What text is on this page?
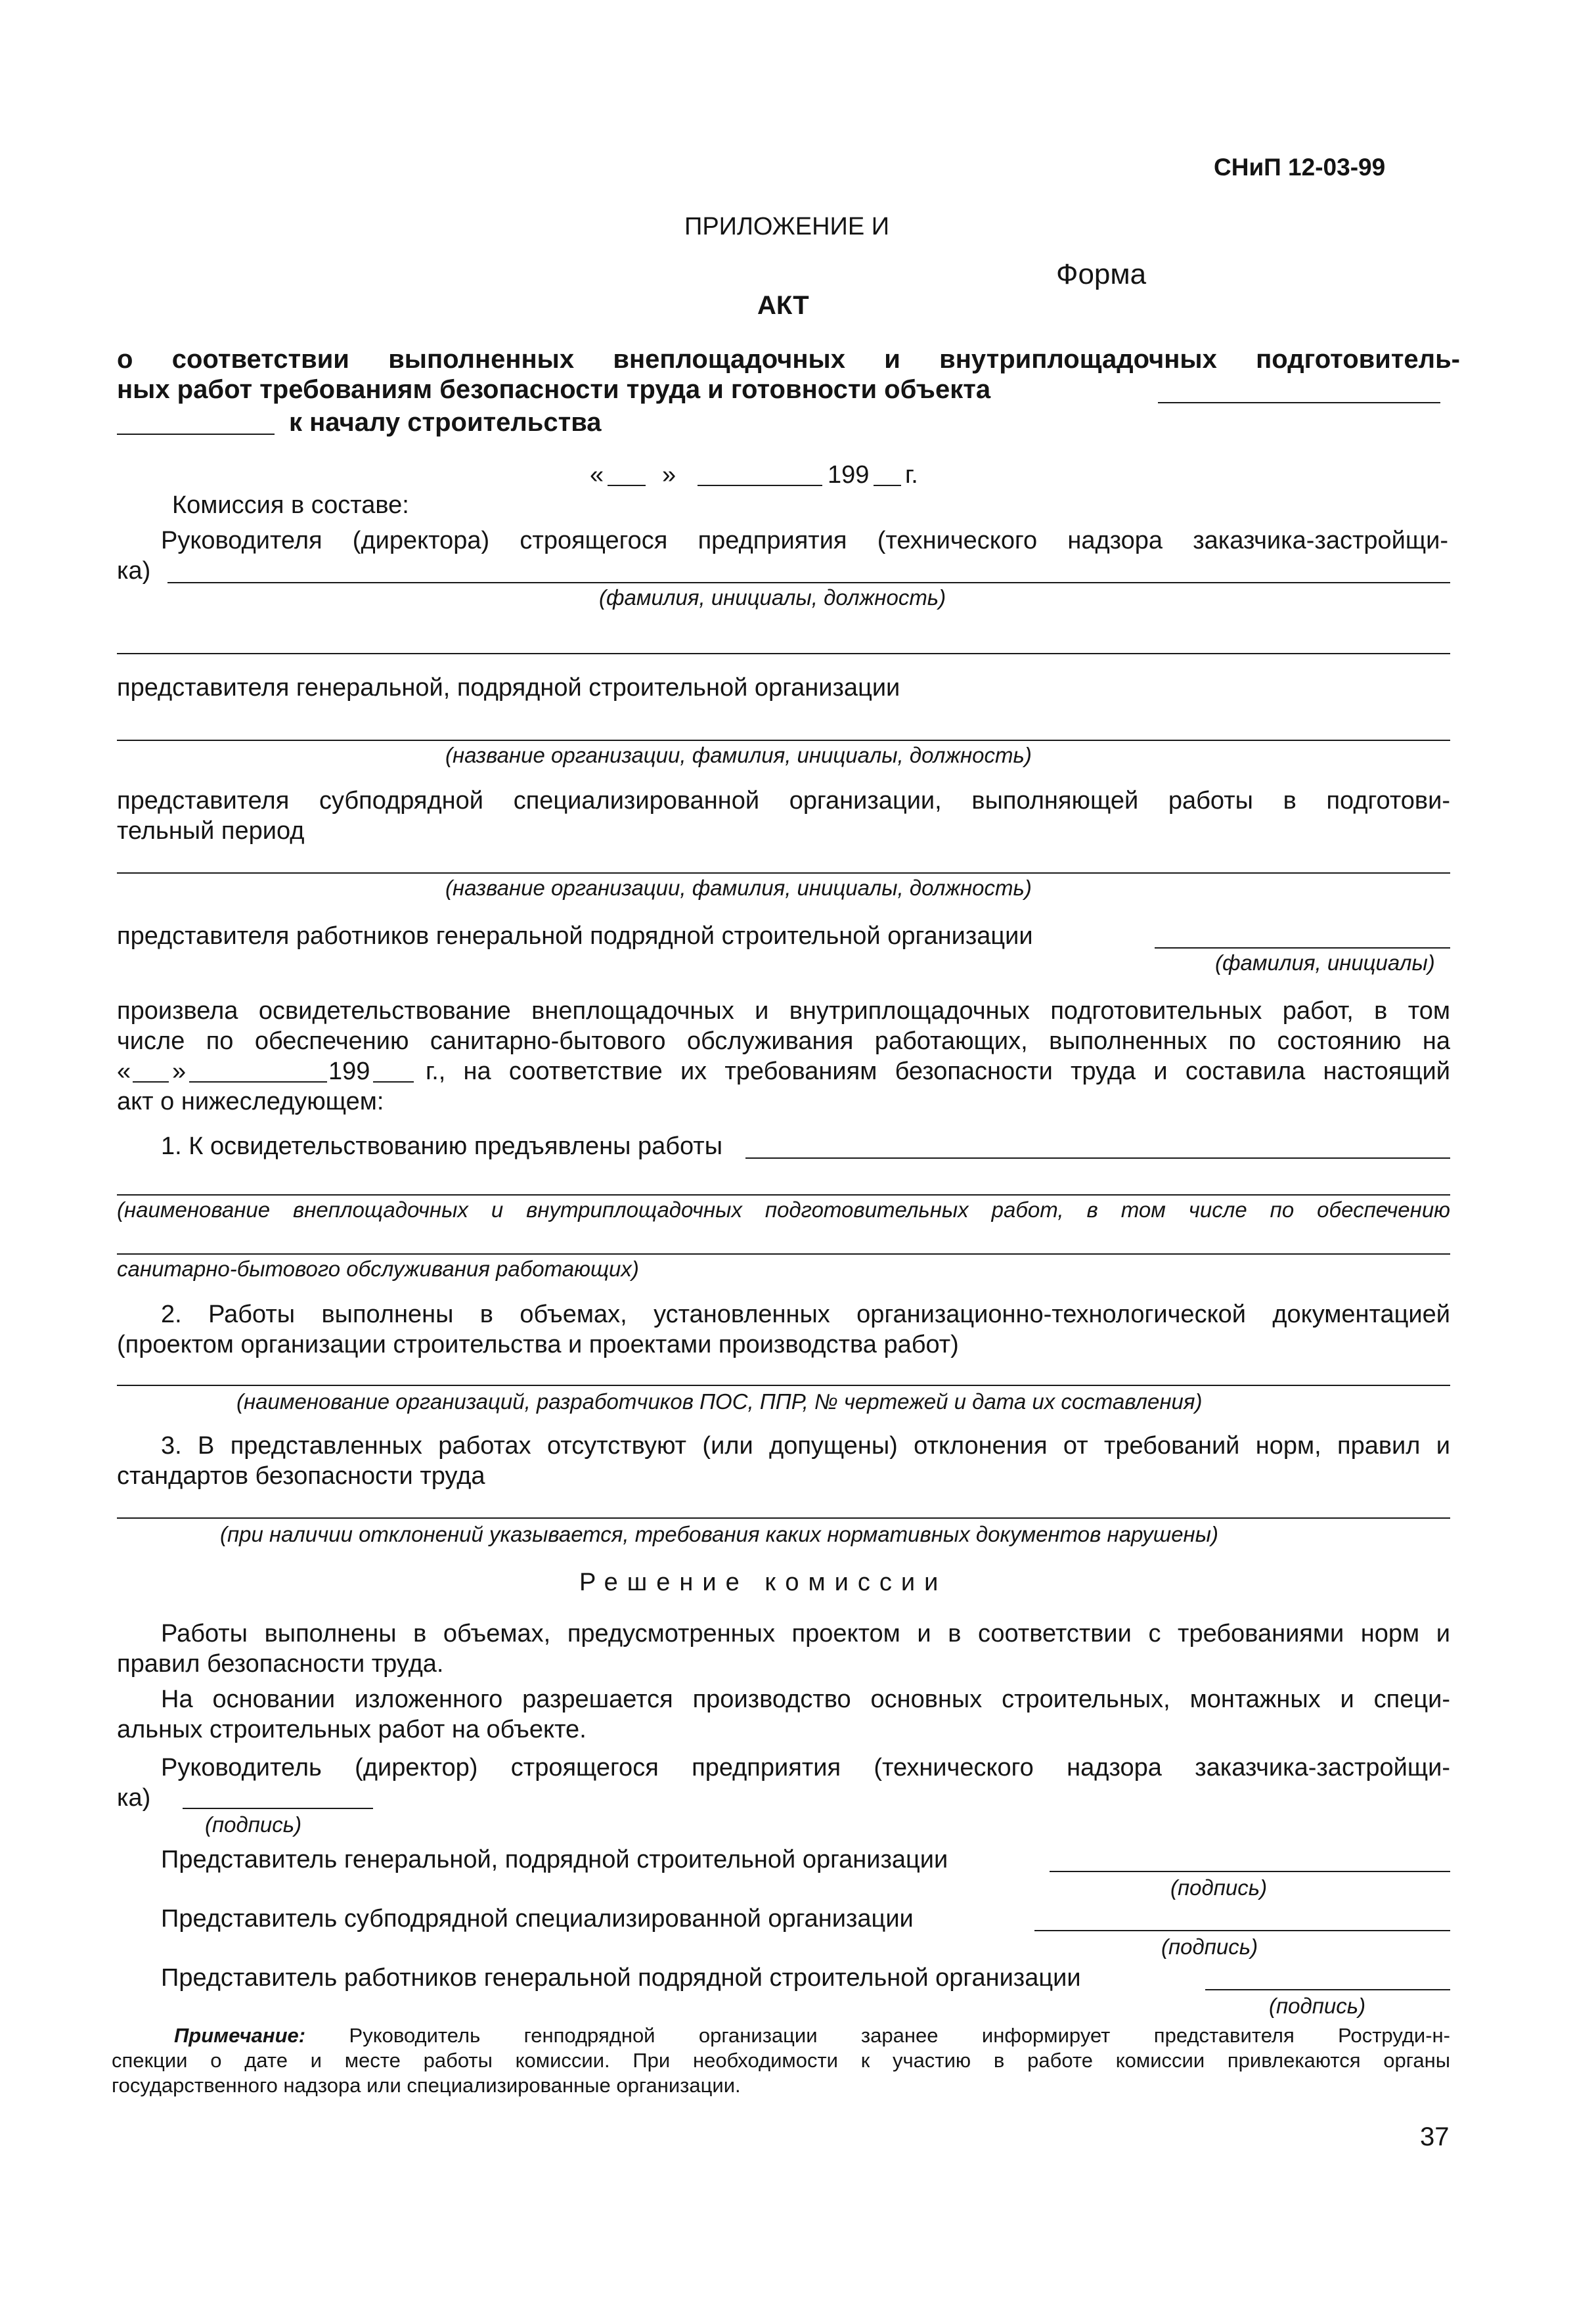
СНиП 12-03-99
ПРИЛОЖЕНИЕ И
Форма
АКТ
о соответствии выполненных внеплощадочных и внутриплощадочных подготовитель-
ных работ требованиям безопасности труда и готовности объекта
к началу строительства
« »	199 г.
Комиссия в составе:
Руководителя (директора) строящегося предприятия (технического надзора заказчика-застройщи-
ка)
(фамилия, инициалы, должность)
представителя генеральной, подрядной строительной организации
(название организации, фамилия, инициалы, должность)
представителя субподрядной специализированной организации, выполняющей работы в подготови-
тельный период
(название организации, фамилия, инициалы, должность)
представителя работников генеральной подрядной строительной организации
(фамилия, инициалы)
произвела освидетельствование внеплощадочных и внутриплощадочных подготовительных работ, в том
числе по обеспечению санитарно-бытового обслуживания работающих, выполненных по состоянию на
« »	199 г., на соответствие их требованиям безопасности труда и составила настоящий
акт о нижеследующем:
1. К освидетельствованию предъявлены работы
(наименование внеплощадочных и внутриплощадочных подготовительных работ, в том числе по обеспечению
санитарно-бытового обслуживания работающих)
2. Работы выполнены в объемах, установленных организационно-технологической документацией
(проектом организации строительства и проектами производства работ)
(наименование организаций, разработчиков ПОС, ППР, № чертежей и дата их составления)
3. В представленных работах отсутствуют (или допущены) отклонения от требований норм, правил и
стандартов безопасности труда
(при наличии отклонений указывается, требования каких нормативных документов нарушены)
Решение комиссии
Работы выполнены в объемах, предусмотренных проектом и в соответствии с требованиями норм и
правил безопасности труда.
На основании изложенного разрешается производство основных строительных, монтажных и специ-
альных строительных работ на объекте.
Руководитель (директор) строящегося предприятия (технического надзора заказчика-застройщи-
ка)
(подпись)
Представитель генеральной, подрядной строительной организации
(подпись)
Представитель субподрядной специализированной организации
(подпись)
Представитель работников генеральной подрядной строительной организации
(подпись)
Примечание: Руководитель генподрядной организации заранее информирует представителя Роструди-н-
спекции о дате и месте работы комиссии. При необходимости к участию в работе комиссии привлекаются органы
государственного надзора или специализированные организации.
37
